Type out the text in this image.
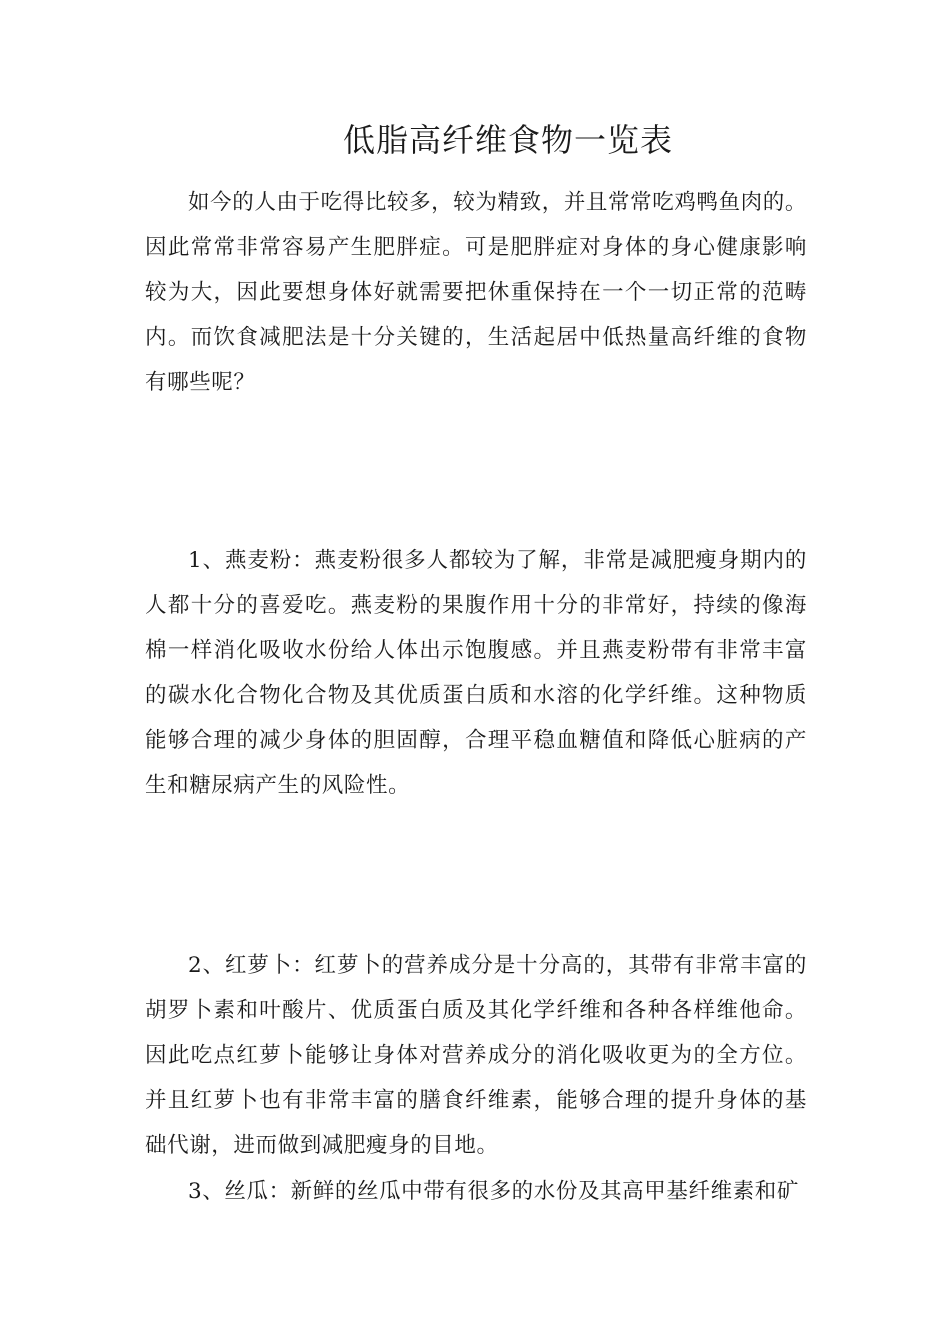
低脂高纤维食物一览表

如今的人由于吃得比较多，较为精致，并且常常吃鸡鸭鱼肉的。因此常常非常容易产生肥胖症。可是肥胖症对身体的身心健康影响较为大，因此要想身体好就需要把休重保持在一个一切正常的范畴内。而饮食减肥法是十分关键的，生活起居中低热量高纤维的食物有哪些呢？

1、燕麦粉：燕麦粉很多人都较为了解，非常是减肥瘦身期内的人都十分的喜爱吃。燕麦粉的果腹作用十分的非常好，持续的像海棉一样消化吸收水份给人体出示饱腹感。并且燕麦粉带有非常丰富的碳水化合物化合物及其优质蛋白质和水溶的化学纤维。这种物质能够合理的减少身体的胆固醇，合理平稳血糖值和降低心脏病的产生和糖尿病产生的风险性。

2、红萝卜：红萝卜的营养成分是十分高的，其带有非常丰富的胡罗卜素和叶酸片、优质蛋白质及其化学纤维和各种各样维他命。因此吃点红萝卜能够让身体对营养成分的消化吸收更为的全方位。并且红萝卜也有非常丰富的膳食纤维素，能够合理的提升身体的基础代谢，进而做到减肥瘦身的目地。

3、丝瓜：新鲜的丝瓜中带有很多的水份及其高甲基纤维素和矿
